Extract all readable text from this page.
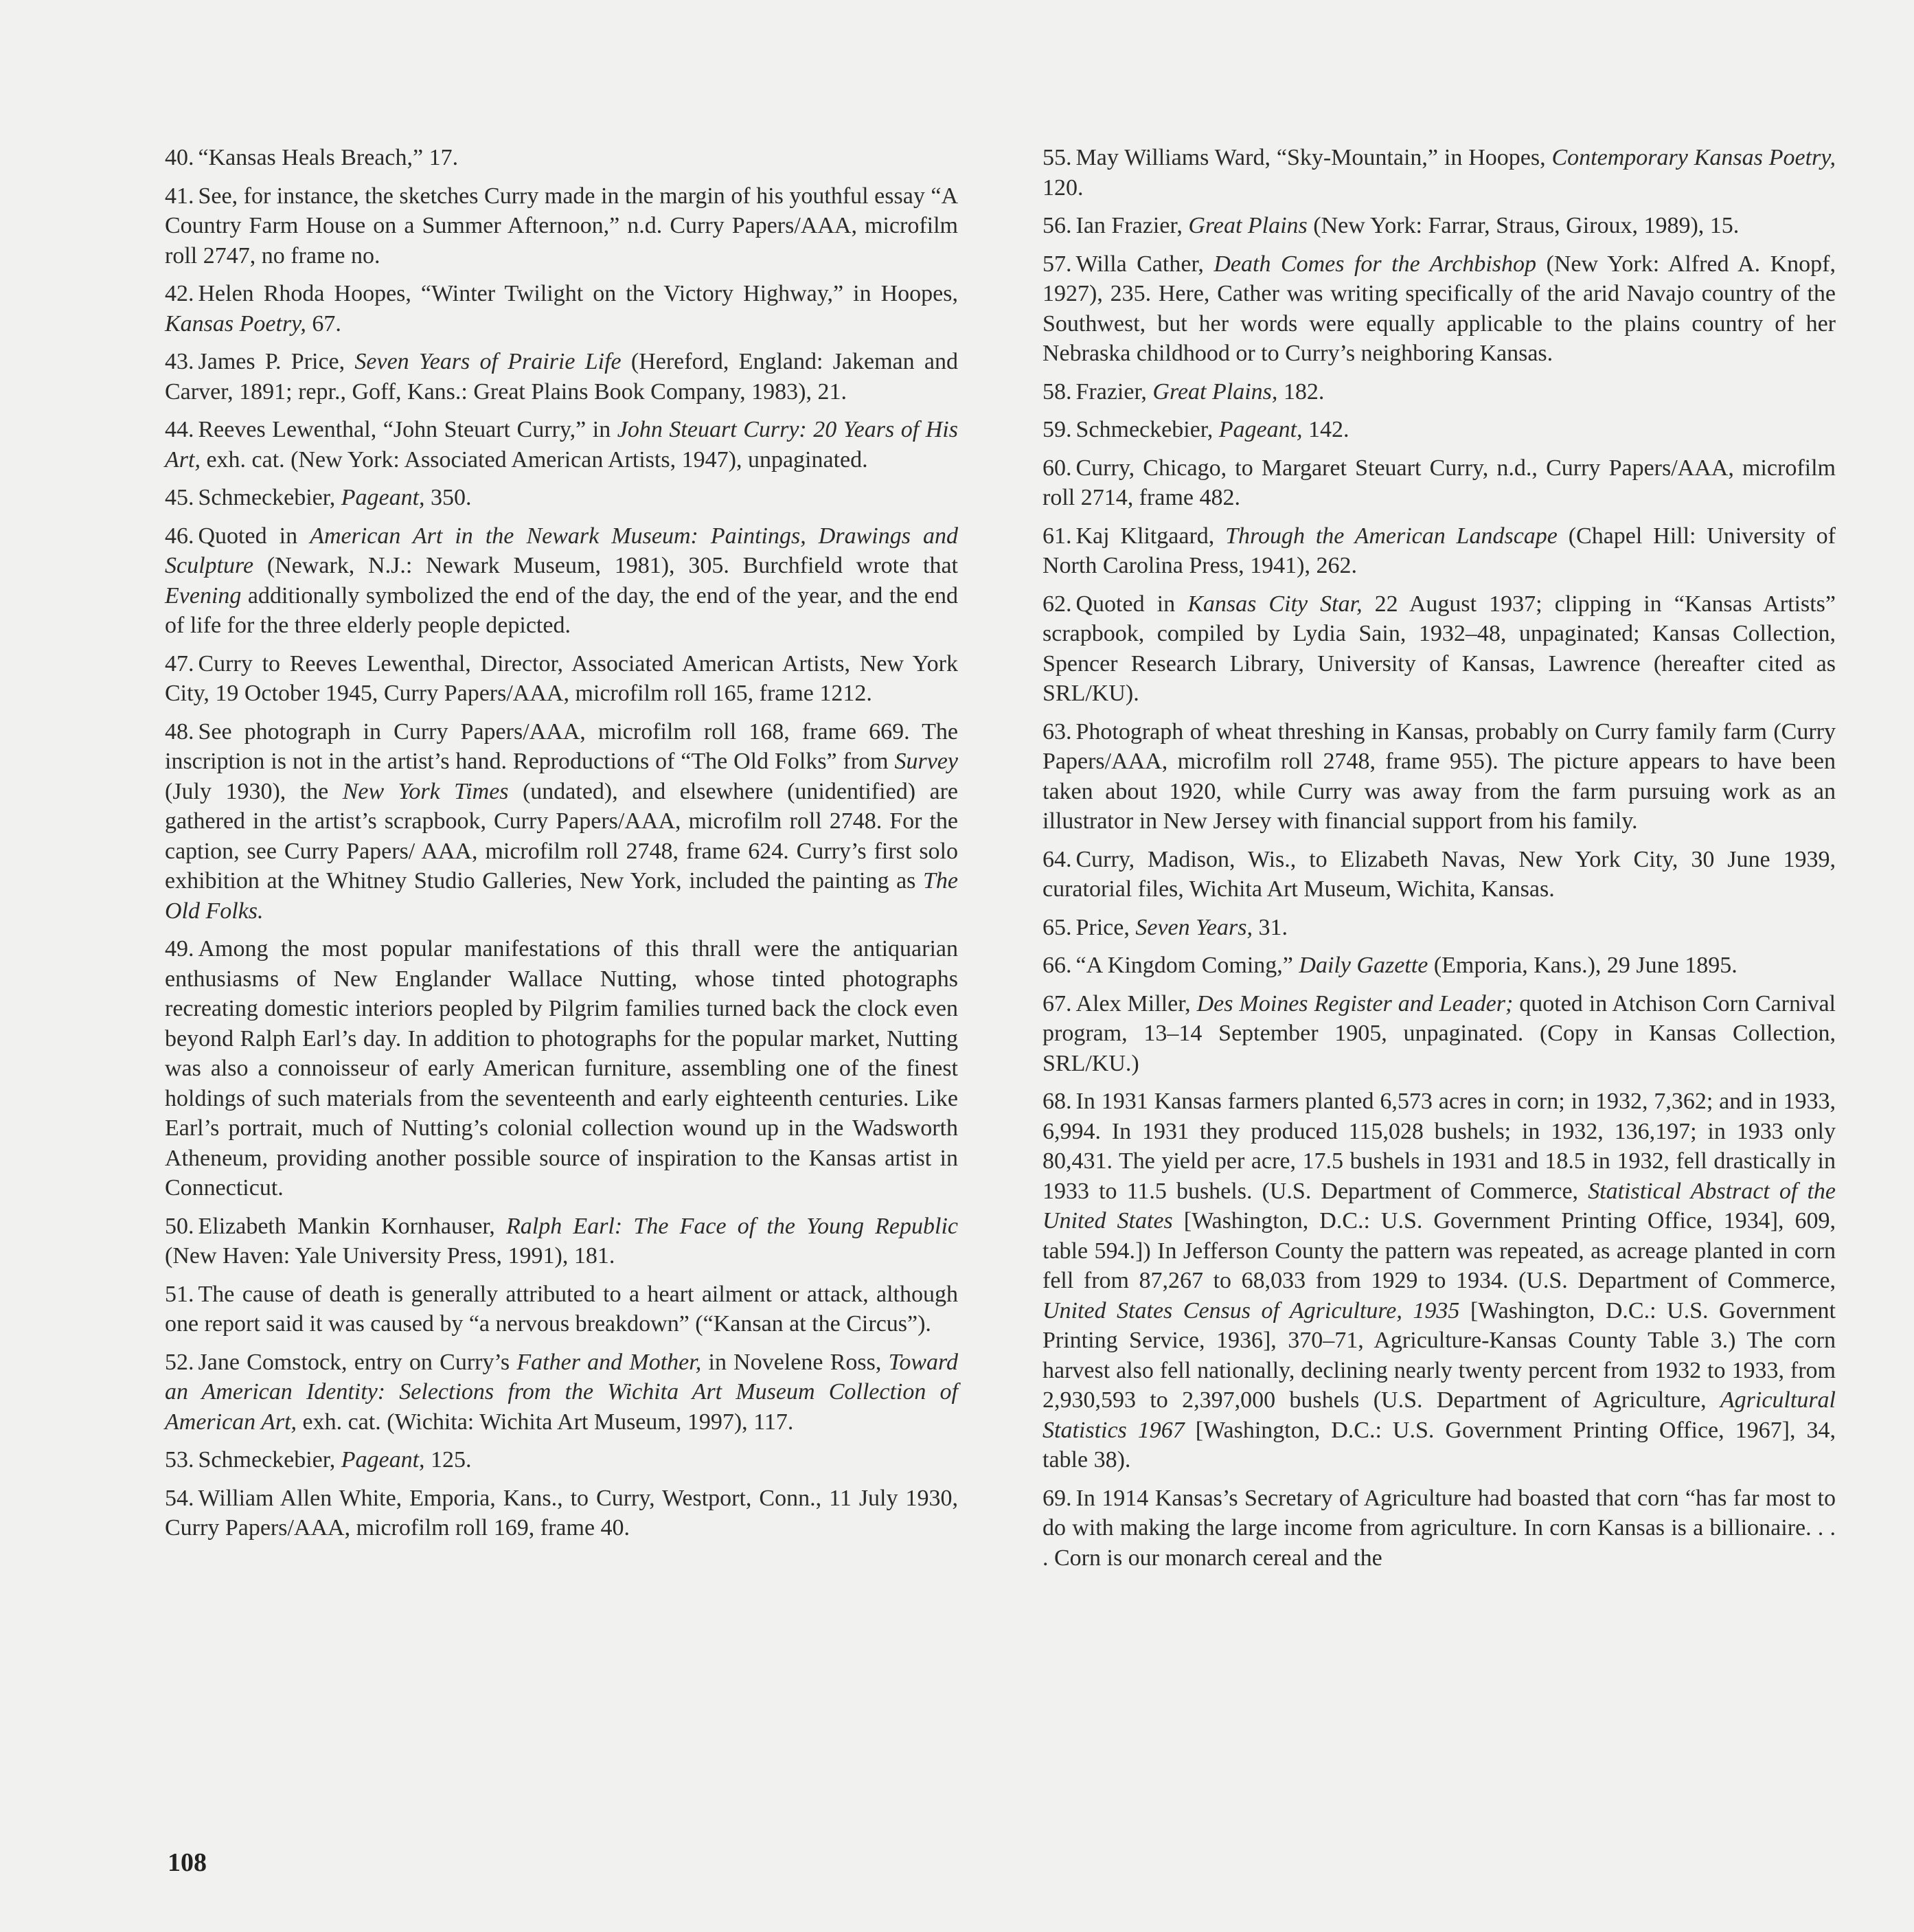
40. “Kansas Heals Breach,” 17.

41. See, for instance, the sketches Curry made in the margin of his youthful essay “A Country Farm House on a Summer Afternoon,” n.d. Curry Papers/AAA, microfilm roll 2747, no frame no.

42. Helen Rhoda Hoopes, “Winter Twilight on the Victory Highway,” in Hoopes, Kansas Poetry, 67.

43. James P. Price, Seven Years of Prairie Life (Hereford, England: Jakeman and Carver, 1891; repr., Goff, Kans.: Great Plains Book Company, 1983), 21.

44. Reeves Lewenthal, “John Steuart Curry,” in John Steuart Curry: 20 Years of His Art, exh. cat. (New York: Associated American Artists, 1947), unpaginated.

45. Schmeckebier, Pageant, 350.

46. Quoted in American Art in the Newark Museum: Paintings, Drawings and Sculpture (Newark, N.J.: Newark Museum, 1981), 305. Burchfield wrote that Evening additionally symbolized the end of the day, the end of the year, and the end of life for the three elderly people depicted.

47. Curry to Reeves Lewenthal, Director, Associated American Artists, New York City, 19 October 1945, Curry Papers/AAA, microfilm roll 165, frame 1212.

48. See photograph in Curry Papers/AAA, microfilm roll 168, frame 669. The inscription is not in the artist’s hand. Reproductions of “The Old Folks” from Survey (July 1930), the New York Times (undated), and elsewhere (unidentified) are gathered in the artist’s scrapbook, Curry Papers/AAA, microfilm roll 2748. For the caption, see Curry Papers/ AAA, microfilm roll 2748, frame 624. Curry’s first solo exhibition at the Whitney Studio Galleries, New York, included the painting as The Old Folks.

49. Among the most popular manifestations of this thrall were the antiquarian enthusiasms of New Englander Wallace Nutting, whose tinted photographs recreating domestic interiors peopled by Pilgrim families turned back the clock even beyond Ralph Earl’s day. In addition to photographs for the popular market, Nutting was also a connoisseur of early American furniture, assembling one of the finest holdings of such materials from the seventeenth and early eighteenth centuries. Like Earl’s portrait, much of Nutting’s colonial collection wound up in the Wadsworth Atheneum, providing another possible source of inspiration to the Kansas artist in Connecticut.

50. Elizabeth Mankin Kornhauser, Ralph Earl: The Face of the Young Republic (New Haven: Yale University Press, 1991), 181.

51. The cause of death is generally attributed to a heart ailment or attack, although one report said it was caused by “a nervous breakdown” (“Kansan at the Circus”).

52. Jane Comstock, entry on Curry’s Father and Mother, in Novelene Ross, Toward an American Identity: Selections from the Wichita Art Museum Collection of American Art, exh. cat. (Wichita: Wichita Art Museum, 1997), 117.

53. Schmeckebier, Pageant, 125.

54. William Allen White, Emporia, Kans., to Curry, Westport, Conn., 11 July 1930, Curry Papers/AAA, microfilm roll 169, frame 40.

55. May Williams Ward, “Sky-Mountain,” in Hoopes, Contemporary Kansas Poetry, 120.

56. Ian Frazier, Great Plains (New York: Farrar, Straus, Giroux, 1989), 15.

57. Willa Cather, Death Comes for the Archbishop (New York: Alfred A. Knopf, 1927), 235. Here, Cather was writing specifically of the arid Navajo country of the Southwest, but her words were equally applicable to the plains country of her Nebraska childhood or to Curry’s neighboring Kansas.

58. Frazier, Great Plains, 182.

59. Schmeckebier, Pageant, 142.

60. Curry, Chicago, to Margaret Steuart Curry, n.d., Curry Papers/AAA, microfilm roll 2714, frame 482.

61. Kaj Klitgaard, Through the American Landscape (Chapel Hill: University of North Carolina Press, 1941), 262.

62. Quoted in Kansas City Star, 22 August 1937; clipping in “Kansas Artists” scrapbook, compiled by Lydia Sain, 1932–48, unpaginated; Kansas Collection, Spencer Research Library, University of Kansas, Lawrence (hereafter cited as SRL/KU).

63. Photograph of wheat threshing in Kansas, probably on Curry family farm (Curry Papers/AAA, microfilm roll 2748, frame 955). The picture appears to have been taken about 1920, while Curry was away from the farm pursuing work as an illustrator in New Jersey with financial support from his family.

64. Curry, Madison, Wis., to Elizabeth Navas, New York City, 30 June 1939, curatorial files, Wichita Art Museum, Wichita, Kansas.

65. Price, Seven Years, 31.

66. “A Kingdom Coming,” Daily Gazette (Emporia, Kans.), 29 June 1895.

67. Alex Miller, Des Moines Register and Leader; quoted in Atchison Corn Carnival program, 13–14 September 1905, unpaginated. (Copy in Kansas Collection, SRL/KU.)

68. In 1931 Kansas farmers planted 6,573 acres in corn; in 1932, 7,362; and in 1933, 6,994. In 1931 they produced 115,028 bushels; in 1932, 136,197; in 1933 only 80,431. The yield per acre, 17.5 bushels in 1931 and 18.5 in 1932, fell drastically in 1933 to 11.5 bushels. (U.S. Department of Commerce, Statistical Abstract of the United States [Washington, D.C.: U.S. Government Printing Office, 1934], 609, table 594.]) In Jefferson County the pattern was repeated, as acreage planted in corn fell from 87,267 to 68,033 from 1929 to 1934. (U.S. Department of Commerce, United States Census of Agriculture, 1935 [Washington, D.C.: U.S. Government Printing Service, 1936], 370–71, Agriculture-Kansas County Table 3.) The corn harvest also fell nationally, declining nearly twenty percent from 1932 to 1933, from 2,930,593 to 2,397,000 bushels (U.S. Department of Agriculture, Agricultural Statistics 1967 [Washington, D.C.: U.S. Government Printing Office, 1967], 34, table 38).

69. In 1914 Kansas’s Secretary of Agriculture had boasted that corn “has far most to do with making the large income from agriculture. In corn Kansas is a billionaire. . . . Corn is our monarch cereal and the

108
